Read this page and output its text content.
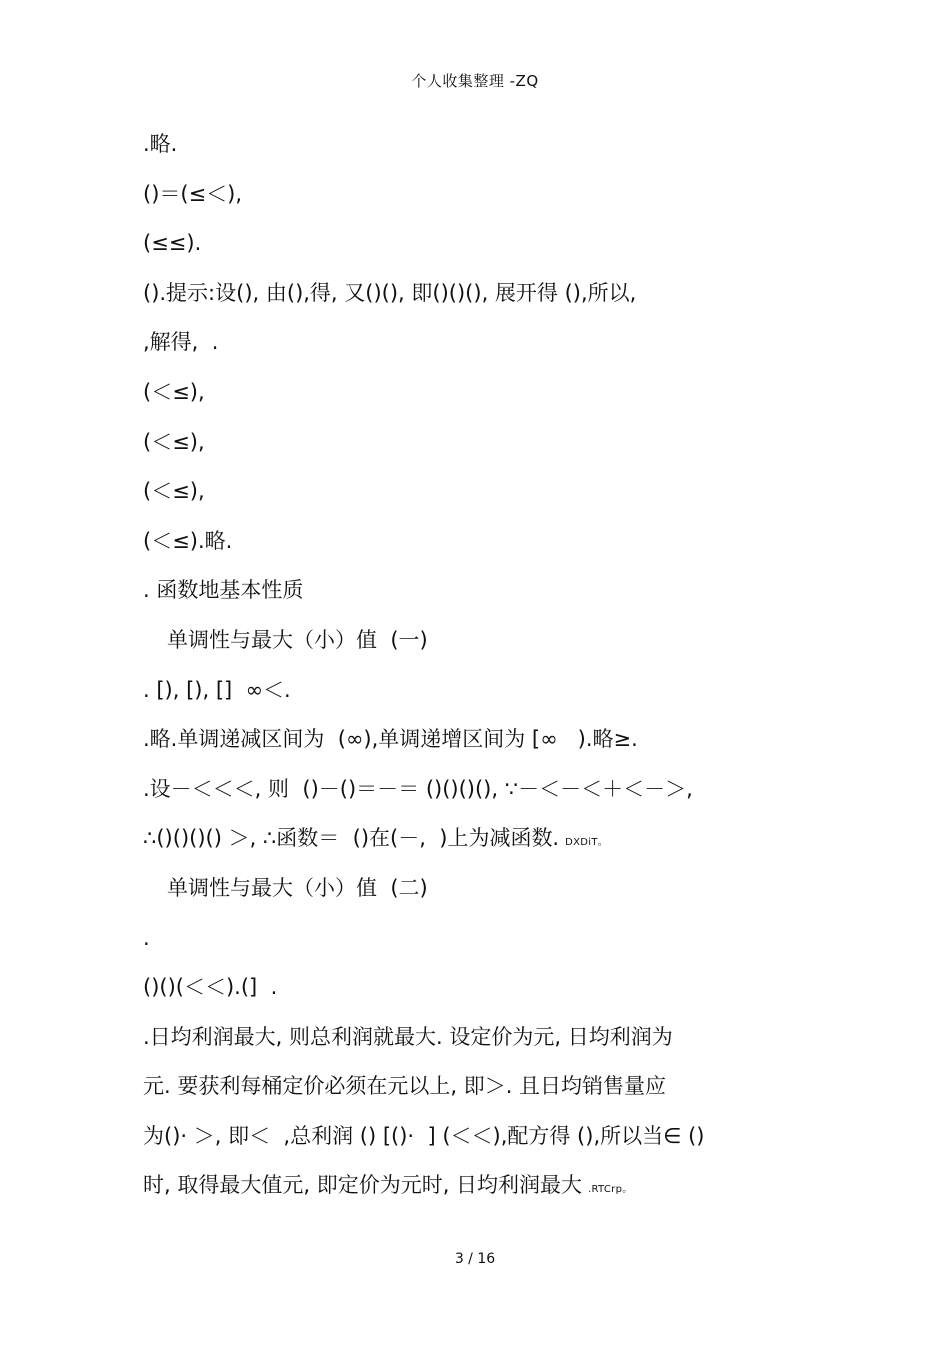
个人收集整理 -ZQ
.略.
()＝(≤＜),
(≤≤).
().提示:设(), 由(),得, 又()(), 即()()(), 展开得 (),所以,
,解得,  .
(＜≤),
(＜≤),
(＜≤),
(＜≤).略.
. 函数地基本性质
单调性与最大（小）值  (一)
. [), [), []  ∞＜.
.略.单调递减区间为  (∞),单调递增区间为 [∞   ).略≥.
.设－＜＜＜, 则  ()－()＝－＝ ()()()(), ∵－＜－＜＋＜－＞,
∴()()()() ＞, ∴函数＝  ()在(－,  )上为减函数. DXDiT。
单调性与最大（小）值  (二)
.
()()(＜＜).(]  .
.日均利润最大, 则总利润就最大. 设定价为元, 日均利润为
元. 要获利每桶定价必须在元以上, 即＞. 且日均销售量应
为()· ＞, 即＜  ,总利润 () [()·  ] (＜＜),配方得 (),所以当∈ ()
时, 取得最大值元, 即定价为元时, 日均利润最大 .RTCrp。
3 / 16
